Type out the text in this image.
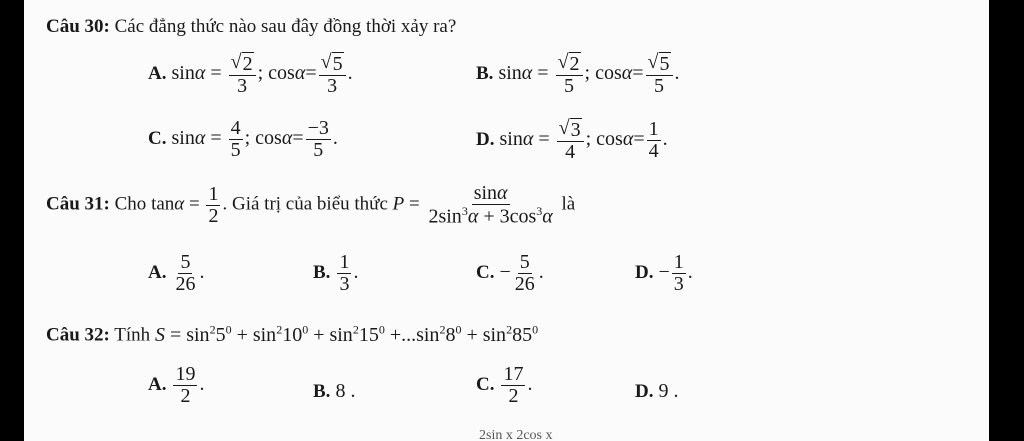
Câu 30: Các đẳng thức nào sau đây đồng thời xảy ra?
A. $\sin\alpha = \frac{√ 2}{3}$ ; $\cos\alpha= \frac{√ 5}{3}$ .	B. $\sin\alpha = \frac{√ 2}{5}$ ; $\cos\alpha= \frac{√ 5}{5}$ .
C. $\sin\alpha = \frac{4}{5}$ ; $\cos\alpha= \frac{-3}{5}$ .	D. $\sin\alpha = \frac{√ 3}{4}$ ; $\cos\alpha= \frac{1}{4}$ .
Câu 31: Cho $\tan\alpha = \frac{1}{2}$ . Giá trị của biểu thức $P = \frac{\sin\alpha}{2\sin^3\alpha + 3\cos^3\alpha}$ là
A. $\frac{5}{26}$ .	B. $\frac{1}{3}$ .	C. − $\frac{5}{26}$ .	D. − $\frac{1}{3}$ .
Câu 32: Tính $S = \sin^25^0 + \sin^210^0 + \sin^215^0 +...\sin^28^0 + \sin^285^0$
A. $\frac{19}{2}$ .	B. 8 .	C. $\frac{17}{2}$ .	D. 9 .
2sin x 2cos x
